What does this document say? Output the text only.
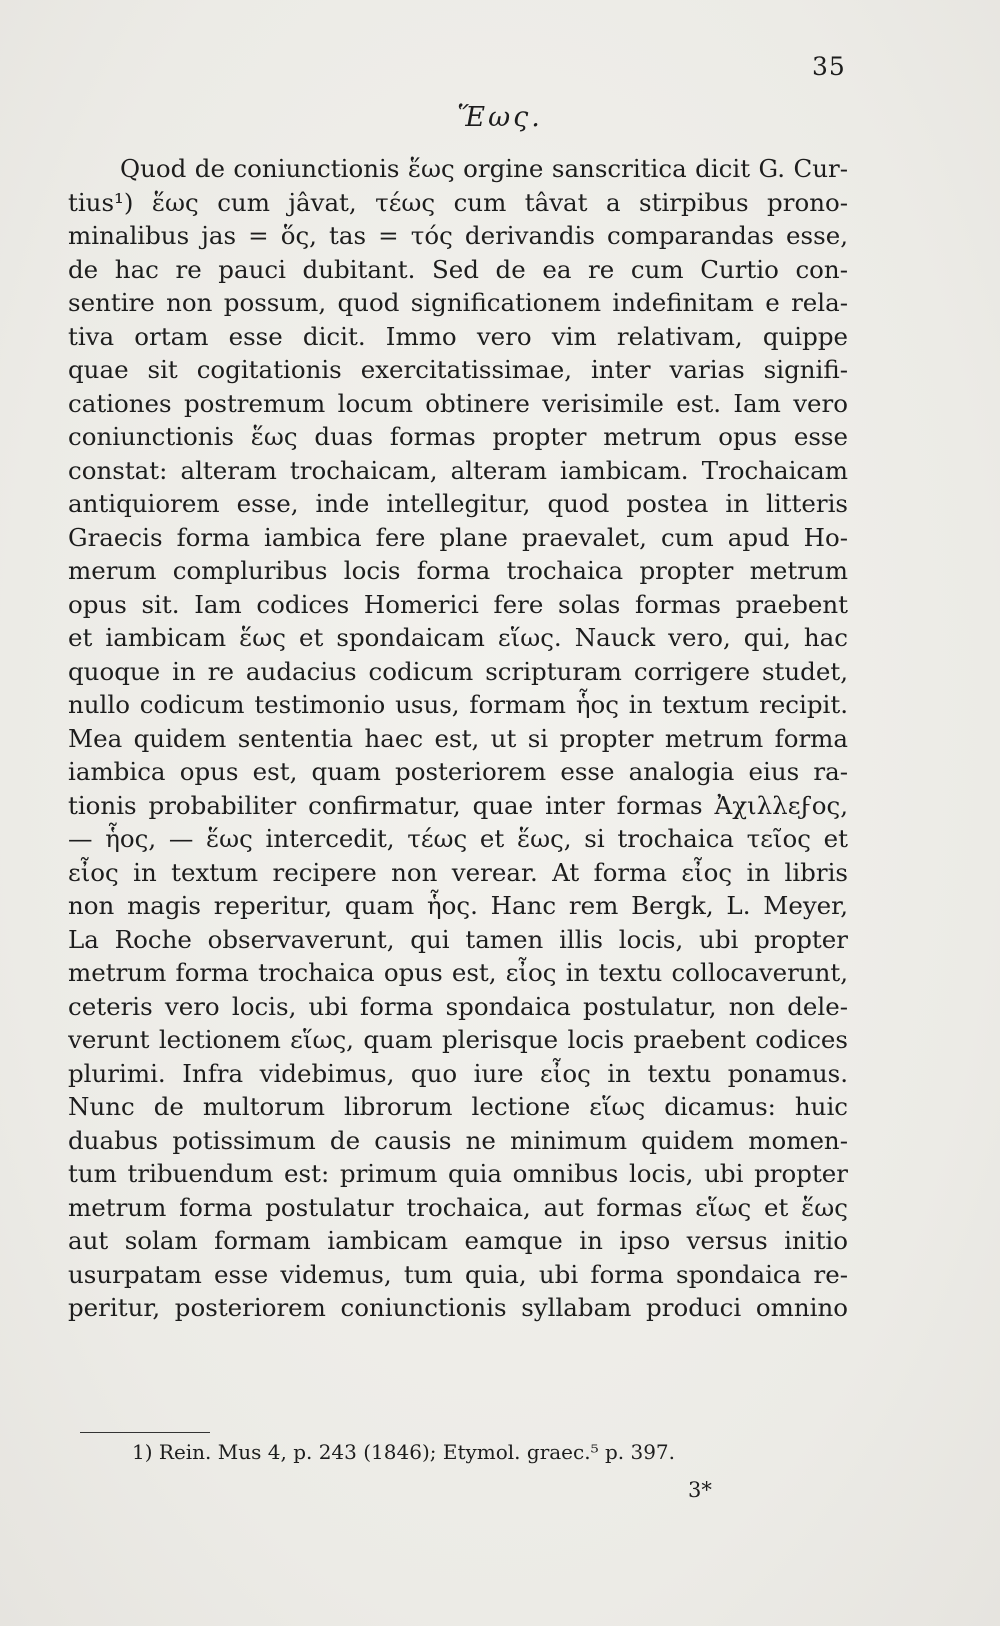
35
Ἕως.
Quod de coniunctionis ἕως orgine sanscritica dicit G. Cur-
tius¹) ἕως cum jâvat, τέως cum tâvat a stirpibus prono-
minalibus jas = ὅς, tas = τός derivandis comparandas esse,
de hac re pauci dubitant. Sed de ea re cum Curtio con-
sentire non possum, quod significationem indefinitam e rela-
tiva ortam esse dicit. Immo vero vim relativam, quippe
quae sit cogitationis exercitatissimae, inter varias signifi-
cationes postremum locum obtinere verisimile est. Iam vero
coniunctionis ἕως duas formas propter metrum opus esse
constat: alteram trochaicam, alteram iambicam. Trochaicam
antiquiorem esse, inde intellegitur, quod postea in litteris
Graecis forma iambica fere plane praevalet, cum apud Ho-
merum compluribus locis forma trochaica propter metrum
opus sit. Iam codices Homerici fere solas formas praebent
et iambicam ἕως et spondaicam εἵως. Nauck vero, qui, hac
quoque in re audacius codicum scripturam corrigere studet,
nullo codicum testimonio usus, formam ἧος in textum recipit.
Mea quidem sententia haec est, ut si propter metrum forma
iambica opus est, quam posteriorem esse analogia eius ra-
tionis probabiliter confirmatur, quae inter formas Ἀχιλλεϝος,
— ἧος, — ἕως intercedit, τέως et ἕως, si trochaica τεῖος et
εἶος in textum recipere non verear. At forma εἶος in libris
non magis reperitur, quam ἧος. Hanc rem Bergk, L. Meyer,
La Roche observaverunt, qui tamen illis locis, ubi propter
metrum forma trochaica opus est, εἶος in textu collocaverunt,
ceteris vero locis, ubi forma spondaica postulatur, non dele-
verunt lectionem εἵως, quam plerisque locis praebent codices
plurimi. Infra videbimus, quo iure εἶος in textu ponamus.
Nunc de multorum librorum lectione εἵως dicamus: huic
duabus potissimum de causis ne minimum quidem momen-
tum tribuendum est: primum quia omnibus locis, ubi propter
metrum forma postulatur trochaica, aut formas εἵως et ἕως
aut solam formam iambicam eamque in ipso versus initio
usurpatam esse videmus, tum quia, ubi forma spondaica re-
peritur, posteriorem coniunctionis syllabam produci omnino
1) Rein. Mus 4, p. 243 (1846); Etymol. graec.⁵ p. 397.
3*
